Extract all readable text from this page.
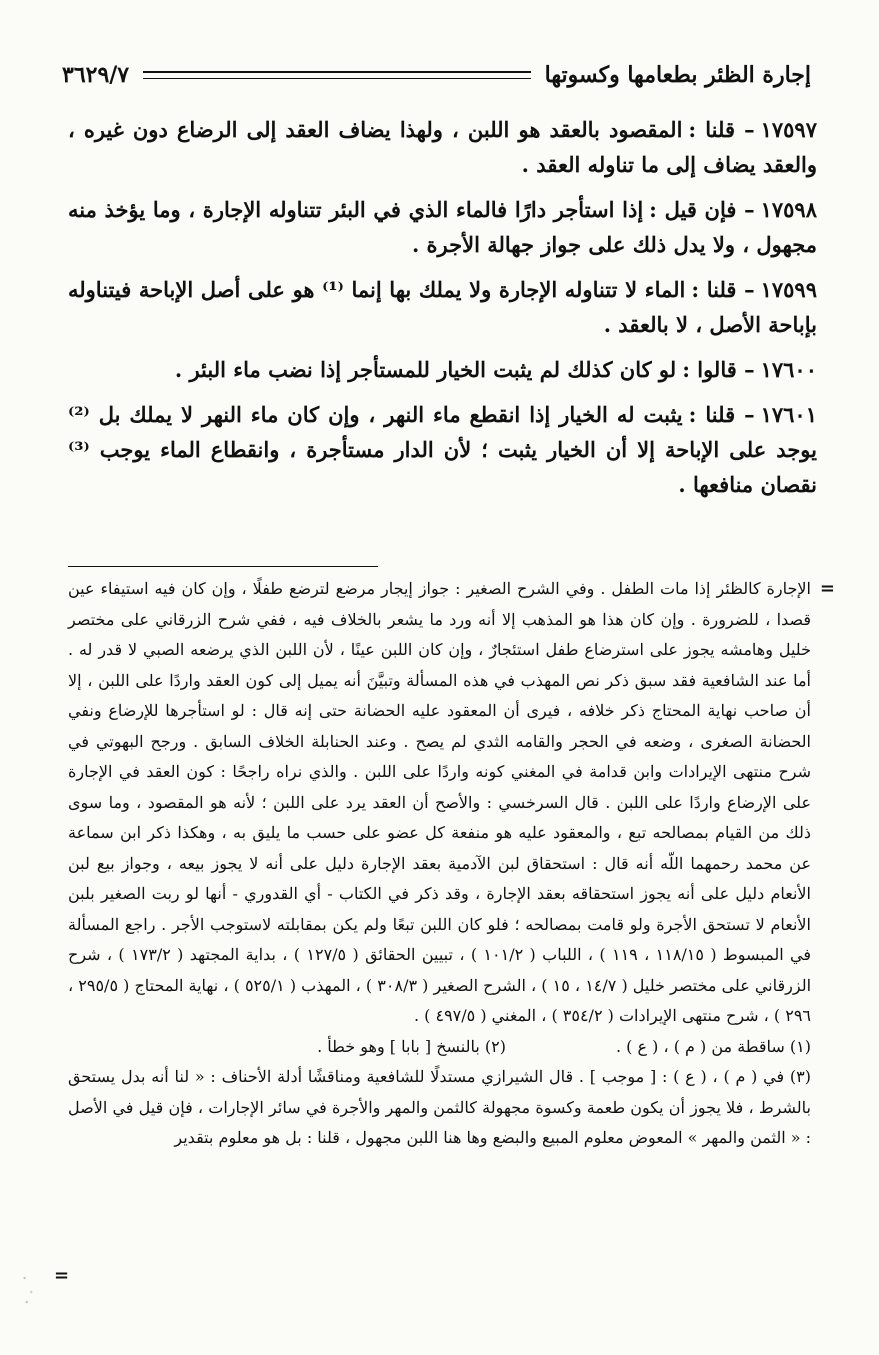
إجارة الظئر بطعامها وكسوتها
٣٦٢٩/٧

١٧٥٩٧– قلنا :المقصود بالعقد هو اللبن ، ولهذا يضاف العقد إلى الرضاع دون غيره ، والعقد يضاف إلى ما تناوله العقد .

١٧٥٩٨– فإن قيل :إذا استأجر دارًا فالماء الذي في البئر تتناوله الإجارة ، وما يؤخذ منه مجهول ، ولا يدل ذلك على جواز جهالة الأجرة .

١٧٥٩٩– قلنا :الماء لا تتناوله الإجارة ولا يملك بها إنما ⁽¹⁾ هو على أصل الإباحة فيتناوله بإباحة الأصل ، لا بالعقد .

١٧٦٠٠– قالوا :لو كان كذلك لم يثبت الخيار للمستأجر إذا نضب ماء البئر .

١٧٦٠١– قلنا :يثبت له الخيار إذا انقطع ماء النهر ، وإن كان ماء النهر لا يملك بل ⁽²⁾ يوجد على الإباحة إلا أن الخيار يثبت ؛ لأن الدار مستأجرة ، وانقطاع الماء يوجب ⁽³⁾ نقصان منافعها .

=

الإجارة كالظئر إذا مات الطفل . وفي الشرح الصغير : جواز إيجار مرضع لترضع طفلًا ، وإن كان فيه استيفاء عين قصدا ، للضرورة . وإن كان هذا هو المذهب إلا أنه ورد ما يشعر بالخلاف فيه ، ففي شرح الزرقاني على مختصر خليل وهامشه يجوز على استرضاع طفل استئجارٌ ، وإن كان اللبن عينًا ، لأن اللبن الذي يرضعه الصبي لا قدر له . أما عند الشافعية فقد سبق ذكر نص المهذب في هذه المسألة وتبيَّنَ أنه يميل إلى كون العقد واردًا على اللبن ، إلا أن صاحب نهاية المحتاج ذكر خلافه ، فيرى أن المعقود عليه الحضانة حتى إنه قال : لو استأجرها للإرضاع ونفي الحضانة الصغرى ، وضعه في الحجر والقامه الثدي لم يصح . وعند الحنابلة الخلاف السابق . ورجح البهوتي في شرح منتهى الإيرادات وابن قدامة في المغني كونه واردًا على اللبن . والذي نراه راجحًا : كون العقد في الإجارة على الإرضاع واردًا على اللبن . قال السرخسي : والأصح أن العقد يرد على اللبن ؛ لأنه هو المقصود ، وما سوى ذلك من القيام بمصالحه تبع ، والمعقود عليه هو منفعة كل عضو على حسب ما يليق به ، وهكذا ذكر ابن سماعة عن محمد رحمهما اللّه أنه قال : استحقاق لبن الآدمية بعقد الإجارة دليل على أنه لا يجوز بيعه ، وجواز بيع لبن الأنعام دليل على أنه يجوز استحقاقه بعقد الإجارة ، وقد ذكر في الكتاب - أي القدوري - أنها لو ربت الصغير بلبن الأنعام لا تستحق الأجرة ولو قامت بمصالحه ؛ فلو كان اللبن تبعًا ولم يكن بمقابلته لاستوجب الأجر . راجع المسألة في المبسوط ( ١١٨/١٥ ، ١١٩ ) ، اللباب ( ١٠١/٢ ) ، تبيين الحقائق ( ١٢٧/٥ ) ، بداية المجتهد ( ١٧٣/٢ ) ، شرح الزرقاني على مختصر خليل ( ١٤/٧ ، ١٥ ) ، الشرح الصغير ( ٣٠٨/٣ ) ، المهذب ( ٥٢٥/١ ) ، نهاية المحتاج ( ٢٩٥/٥ ، ٢٩٦ ) ، شرح منتهى الإيرادات ( ٣٥٤/٢ ) ، المغني ( ٤٩٧/٥ ) .

(١) ساقطة من ( م ) ، ( ع ) .
(٢) بالنسخ [ بابا ] وهو خطأ .

(٣) في ( م ) ، ( ع ) : [ موجب ] . قال الشيرازي مستدلًا للشافعية ومناقشًا أدلة الأحناف : « لنا أنه بدل يستحق بالشرط ، فلا يجوز أن يكون طعمة وكسوة مجهولة كالثمن والمهر والأجرة في سائر الإجارات ، فإن قيل في الأصل : « الثمن والمهر » المعوض معلوم المبيع والبضع وها هنا اللبن مجهول ، قلنا : بل هو معلوم بتقدير

=
